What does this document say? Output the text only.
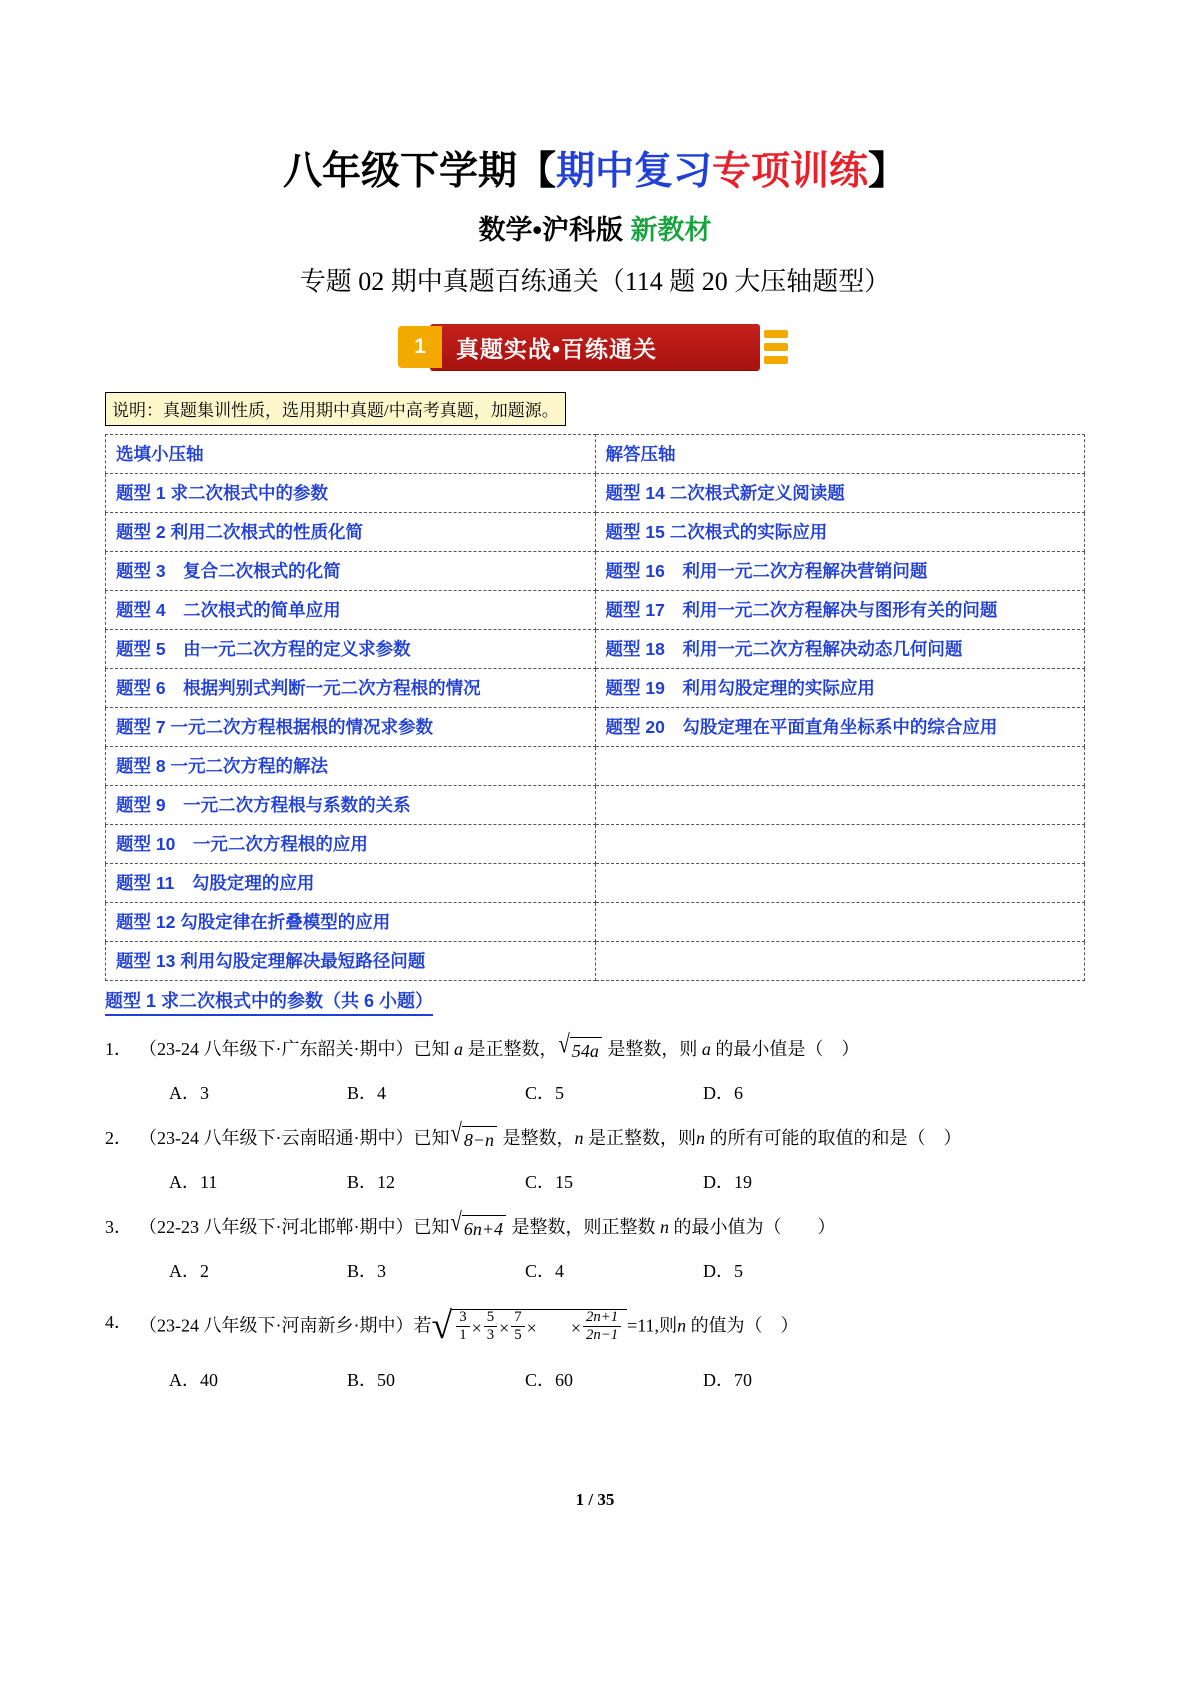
八年级下学期【期中复习专项训练】
数学•沪科版 新教材
专题 02 期中真题百练通关（114 题 20 大压轴题型）
1	真题实战•百练通关
说明：真题集训性质，选用期中真题/中高考真题，加题源。
选填小压轴	解答压轴
题型 1 求二次根式中的参数	题型 14 二次根式新定义阅读题
题型 2 利用二次根式的性质化简	题型 15 二次根式的实际应用
题型 3　复合二次根式的化简	题型 16　利用一元二次方程解决营销问题
题型 4　二次根式的简单应用	题型 17　利用一元二次方程解决与图形有关的问题
题型 5　由一元二次方程的定义求参数	题型 18　利用一元二次方程解决动态几何问题
题型 6　根据判别式判断一元二次方程根的情况	题型 19　利用勾股定理的实际应用
题型 7 一元二次方程根据根的情况求参数	题型 20　勾股定理在平面直角坐标系中的综合应用
题型 8 一元二次方程的解法	
题型 9　一元二次方程根与系数的关系	
题型 10　一元二次方程根的应用	
题型 11　勾股定理的应用	
题型 12 勾股定律在折叠模型的应用	
题型 13 利用勾股定理解决最短路径问题	
题型 1 求二次根式中的参数（共 6 小题）
1． （23-24 八年级下·广东韶关·期中）已知 a 是正整数， √ 54a 是整数，则 a 的最小值是（　）
A．3	B．4	C．5	D．6
2． （23-24 八年级下·云南昭通·期中）已知 √ 8−n 是整数，n 是正整数，则n 的所有可能的取值的和是（　）
A．11	B．12	C．15	D．19
3． （22-23 八年级下·河北邯郸·期中）已知 √ 6n+4 是整数，则正整数 n 的最小值为（　　）
A．2	B．3	C．4	D．5
4． （23-24 八年级下·河南新乡·期中）若 √ $\frac{3}{1} \times \frac{5}{3} \times \frac{7}{5}$ × × $\frac{2n+1}{2n-1} =11$,则n 的值为（　）
A．40	B．50	C．60	D．70
1 / 35
